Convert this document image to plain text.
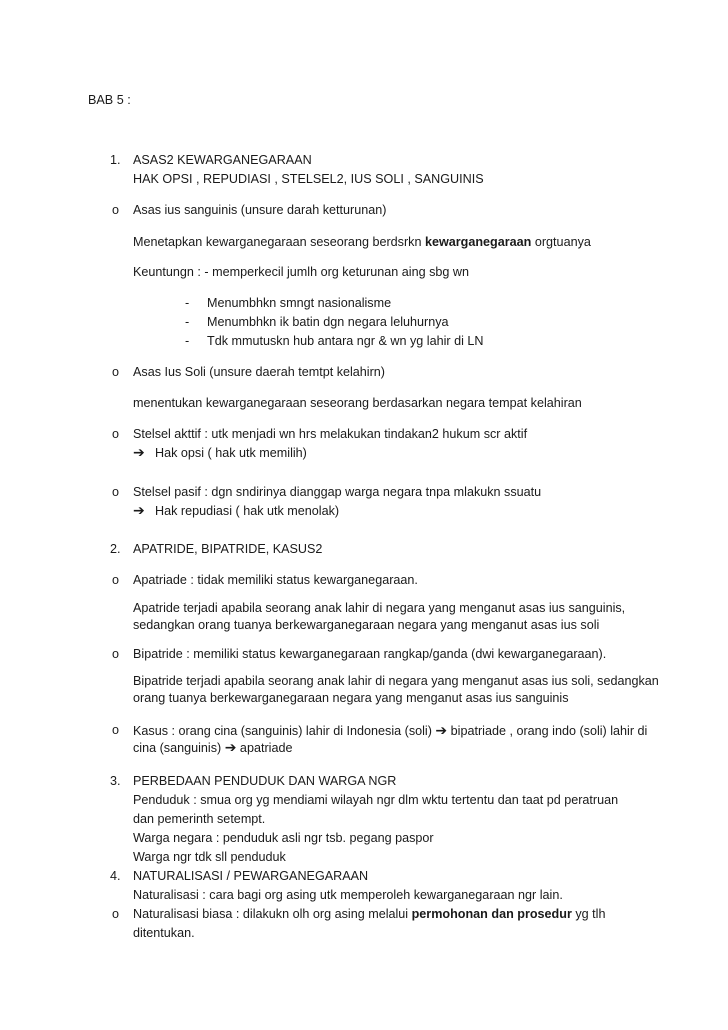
BAB 5 :
1. ASAS2 KEWARGANEGARAAN
HAK OPSI , REPUDIASI , STELSEL2, IUS SOLI , SANGUINIS
o Asas ius sanguinis (unsure darah ketturunan)
Menetapkan kewarganegaraan seseorang berdsrkn kewarganegaraan orgtuanya
Keuntungn : - memperkecil jumlh org keturunan aing sbg wn
- Menumbhkn smngt nasionalisme
- Menumbhkn ik batin dgn negara leluhurnya
- Tdk mmutuskn hub antara ngr & wn yg lahir di LN
o Asas Ius Soli (unsure daerah temtpt kelahirn)
menentukan kewarganegaraan seseorang berdasarkan negara tempat kelahiran
o Stelsel akttif : utk menjadi wn hrs melakukan tindakan2 hukum scr aktif
➔ Hak opsi ( hak utk memilih)
o Stelsel pasif : dgn sndirinya dianggap warga negara tnpa mlakukn ssuatu
➔ Hak repudiasi ( hak utk menolak)
2. APATRIDE, BIPATRIDE, KASUS2
o Apatriade : tidak memiliki status kewarganegaraan.
Apatride terjadi apabila seorang anak lahir di negara yang menganut asas ius sanguinis,
sedangkan orang tuanya berkewarganegaraan negara yang menganut asas ius soli
o Bipatride : memiliki status kewarganegaraan rangkap/ganda (dwi kewarganegaraan).
Bipatride terjadi apabila seorang anak lahir di negara yang menganut asas ius soli, sedangkan
orang tuanya berkewarganegaraan negara yang menganut asas ius sanguinis
o Kasus : orang cina (sanguinis) lahir di Indonesia (soli) ➔ bipatriade , orang indo (soli) lahir di
cina (sanguinis) ➔ apatriade
3. PERBEDAAN PENDUDUK DAN WARGA NGR
Penduduk : smua org yg mendiami wilayah ngr dlm wktu tertentu dan taat pd peratruan
dan pemerinth setempt.
Warga negara : penduduk asli ngr tsb. pegang paspor
Warga ngr tdk sll penduduk
4. NATURALISASI / PEWARGANEGARAAN
Naturalisasi : cara bagi org asing utk memperoleh kewarganegaraan ngr lain.
o Naturalisasi biasa : dilakukn olh org asing melalui permohonan dan prosedur yg tlh
ditentukan.
